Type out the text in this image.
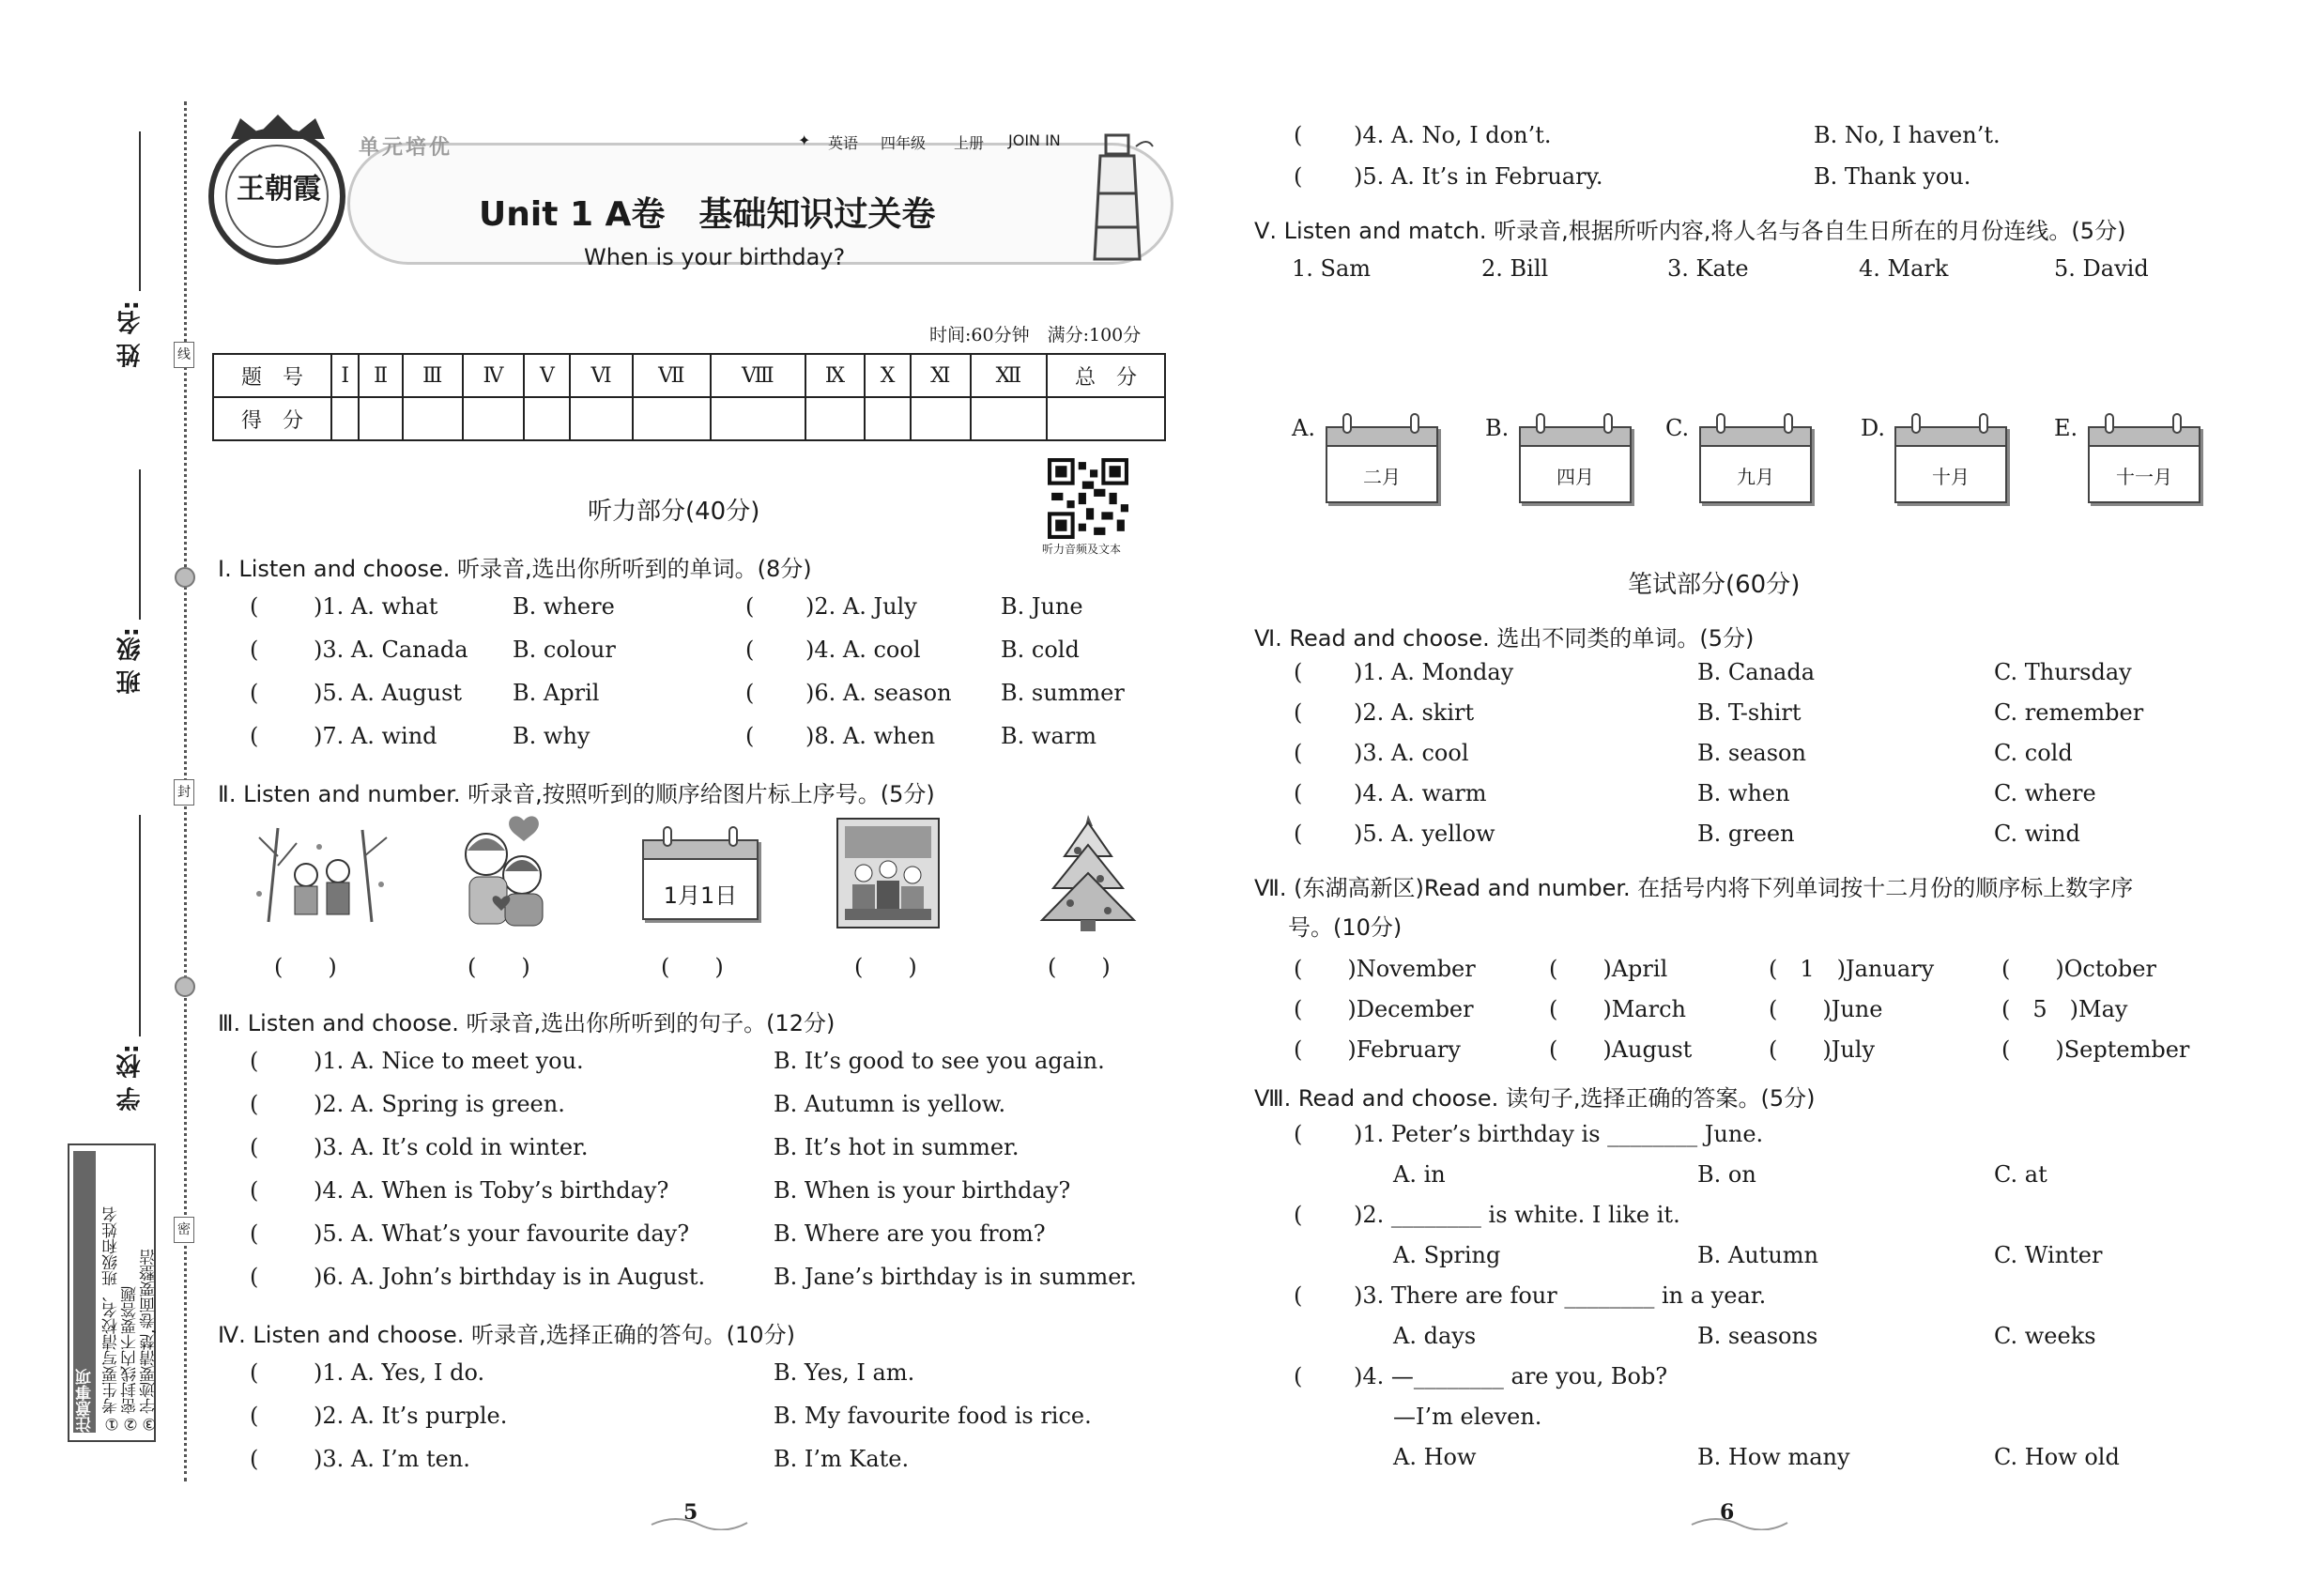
姓 名:
班 级:
学 校:
线
封
密
注意事项 ①考生要写清校名、班级和姓名 ②密封线内不要答题 ③字迹要清楚,卷面要整洁
王朝霞
单元培优	✦ 英语 四年级 上册 JOIN IN
Unit 1 A卷　基础知识过关卷
When is your birthday?
时间:60分钟　满分:100分
题　号	Ⅰ	Ⅱ	Ⅲ	Ⅳ	Ⅴ	Ⅵ	Ⅶ	Ⅷ	Ⅸ	Ⅹ	Ⅺ	Ⅻ	总　分
得　分													
听力部分(40分)
听力音频及文本
Ⅰ. Listen and choose. 听录音,选出你所听到的单词。(8分)
( )1. A. what	B. where	( )2. A. July	B. June
( )3. A. Canada B. colour	( )4. A. cool	B. cold
( )5. A. August B. April	( )6. A. season B. summer
( )7. A. wind	B. why	( )8. A. when	B. warm
Ⅱ. Listen and number. 听录音,按照听到的顺序给图片标上序号。(5分)
1月1日
(　　)	(　　)	(　　)	(　　)	(　　)
Ⅲ. Listen and choose. 听录音,选出你所听到的句子。(12分)
( )1. A. Nice to meet you.	B. It’s good to see you again.
( )2. A. Spring is green.	B. Autumn is yellow.
( )3. A. It’s cold in winter.	B. It’s hot in summer.
( )4. A. When is Toby’s birthday?	B. When is your birthday?
( )5. A. What’s your favourite day?	B. Where are you from?
( )6. A. John’s birthday is in August.	B. Jane’s birthday is in summer.
Ⅳ. Listen and choose. 听录音,选择正确的答句。(10分)
( )1. A. Yes, I do.	B. Yes, I am.
( )2. A. It’s purple.	B. My favourite food is rice.
( )3. A. I’m ten.	B. I’m Kate.
( )4. A. No, I don’t.	B. No, I haven’t.
( )5. A. It’s in February.	B. Thank you.
5
Ⅴ. Listen and match. 听录音,根据所听内容,将人名与各自生日所在的月份连线。(5分)
1. Sam	2. Bill	3. Kate	4. Mark	5. David
A.
二月
B.
四月
C.
九月
D.
十月
E.
十一月
笔试部分(60分)
Ⅵ. Read and choose. 选出不同类的单词。(5分)
( )1. A. Monday	B. Canada	C. Thursday
( )2. A. skirt	B. T-shirt	C. remember
( )3. A. cool	B. season	C. cold
( )4. A. warm	B. when	C. where
( )5. A. yellow	B. green	C. wind
Ⅶ. (东湖高新区)Read and number. 在括号内将下列单词按十二月份的顺序标上数字序
号。(10分)
(　　)November	(　　)April	(　1　)January	(　　)October
(　　)December	(　　)March	(　　)June	(　5　)May
(　　)February	(　　)August	(　　)July	(　　)September
Ⅷ. Read and choose. 读句子,选择正确的答案。(5分)
( )1. Peter’s birthday is ________ June.
A. in	B. on	C. at
( )2. ________ is white. I like it.
A. Spring	B. Autumn	C. Winter
( )3. There are four ________ in a year.
A. days	B. seasons	C. weeks
( )4. —________ are you, Bob?
—I’m eleven.
A. How	B. How many	C. How old
6
